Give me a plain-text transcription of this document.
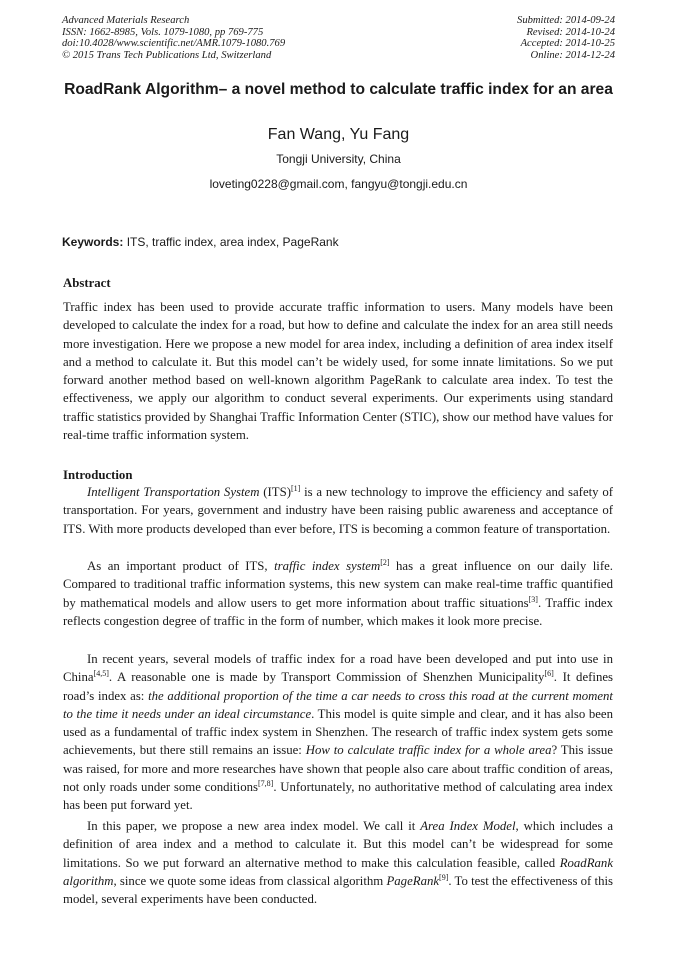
Advanced Materials Research
ISSN: 1662-8985, Vols. 1079-1080, pp 769-775
doi:10.4028/www.scientific.net/AMR.1079-1080.769
© 2015 Trans Tech Publications Ltd, Switzerland
Submitted: 2014-09-24
Revised: 2014-10-24
Accepted: 2014-10-25
Online: 2014-12-24
RoadRank Algorithm– a novel method to calculate traffic index for an area
Fan Wang, Yu Fang
Tongji University, China
loveting0228@gmail.com, fangyu@tongji.edu.cn
Keywords: ITS, traffic index, area index, PageRank
Abstract
Traffic index has been used to provide accurate traffic information to users. Many models have been developed to calculate the index for a road, but how to define and calculate the index for an area still needs more investigation. Here we propose a new model for area index, including a definition of area index itself and a method to calculate it. But this model can’t be widely used, for some innate limitations. So we put forward another method based on well-known algorithm PageRank to calculate area index. To test the effectiveness, we apply our algorithm to conduct several experiments. Our experiments using standard traffic statistics provided by Shanghai Traffic Information Center (STIC), show our method have values for real-time traffic information system.
Introduction
Intelligent Transportation System (ITS)[1] is a new technology to improve the efficiency and safety of transportation. For years, government and industry have been raising public awareness and acceptance of ITS. With more products developed than ever before, ITS is becoming a common feature of transportation.
As an important product of ITS, traffic index system[2] has a great influence on our daily life. Compared to traditional traffic information systems, this new system can make real-time traffic quantified by mathematical models and allow users to get more information about traffic situations[3]. Traffic index reflects congestion degree of traffic in the form of number, which makes it look more precise.
In recent years, several models of traffic index for a road have been developed and put into use in China[4,5]. A reasonable one is made by Transport Commission of Shenzhen Municipality[6]. It defines road’s index as: the additional proportion of the time a car needs to cross this road at the current moment to the time it needs under an ideal circumstance. This model is quite simple and clear, and it has also been used as a fundamental of traffic index system in Shenzhen. The research of traffic index system gets some achievements, but there still remains an issue: How to calculate traffic index for a whole area? This issue was raised, for more and more researches have shown that people also care about traffic condition of areas, not only roads under some conditions[7,8]. Unfortunately, no authoritative method of calculating area index has been put forward yet.
In this paper, we propose a new area index model. We call it Area Index Model, which includes a definition of area index and a method to calculate it. But this model can’t be widespread for some limitations. So we put forward an alternative method to make this calculation feasible, called RoadRank algorithm, since we quote some ideas from classical algorithm PageRank[9]. To test the effectiveness of this model, several experiments have been conducted.
